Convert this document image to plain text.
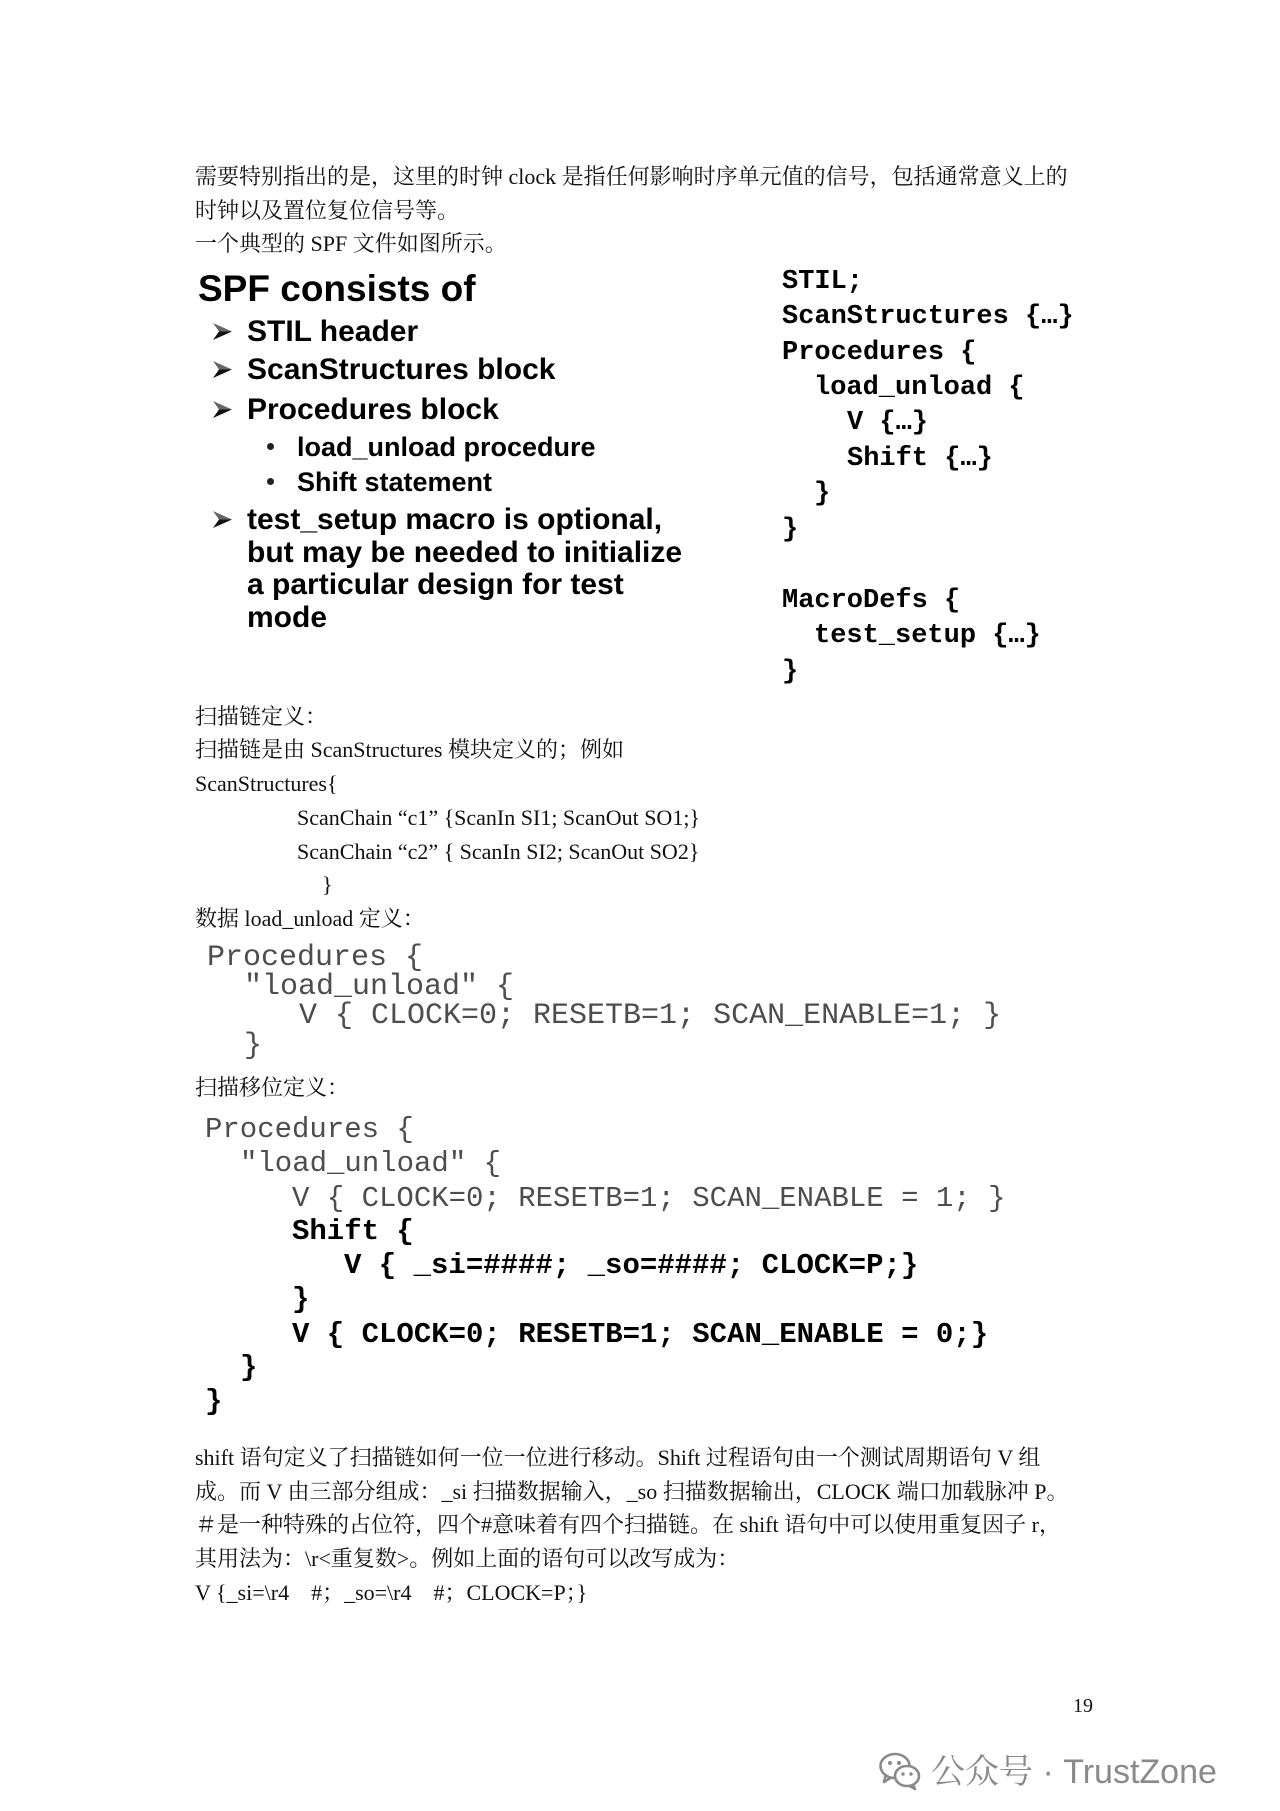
需要特别指出的是，这里的时钟 clock 是指任何影响时序单元值的信号，包括通常意义上的
时钟以及置位复位信号等。
一个典型的 SPF 文件如图所示。
SPF consists of
STIL header
ScanStructures block
Procedures block
load_unload procedure
Shift statement
test_setup macro is optional,
but may be needed to initialize
a particular design for test
mode
STIL;
ScanStructures {…}
Procedures {
load_unload {
V {…}
Shift {…}
}
}
MacroDefs {
test_setup {…}
}
扫描链定义：
扫描链是由 ScanStructures 模块定义的；例如
ScanStructures{
ScanChain “c1” {ScanIn SI1; ScanOut SO1;}
ScanChain “c2” { ScanIn SI2; ScanOut SO2}
}
数据 load_unload 定义：
Procedures {
"load_unload" {
V { CLOCK=0; RESETB=1; SCAN_ENABLE=1; }
}
扫描移位定义：
Procedures {
"load_unload" {
V { CLOCK=0; RESETB=1; SCAN_ENABLE = 1; }
Shift {
V { _si=####; _so=####; CLOCK=P;}
}
V { CLOCK=0; RESETB=1; SCAN_ENABLE = 0;}
}
}
shift 语句定义了扫描链如何一位一位进行移动。Shift 过程语句由一个测试周期语句 V 组
成。而 V 由三部分组成：_si 扫描数据输入，_so 扫描数据输出，CLOCK 端口加载脉冲 P。
＃是一种特殊的占位符，四个#意味着有四个扫描链。在 shift 语句中可以使用重复因子 r，
其用法为：\r<重复数>。例如上面的语句可以改写成为：
V {_si=\r4    #；_so=\r4    #；CLOCK=P；}
19
公众号 · TrustZone
